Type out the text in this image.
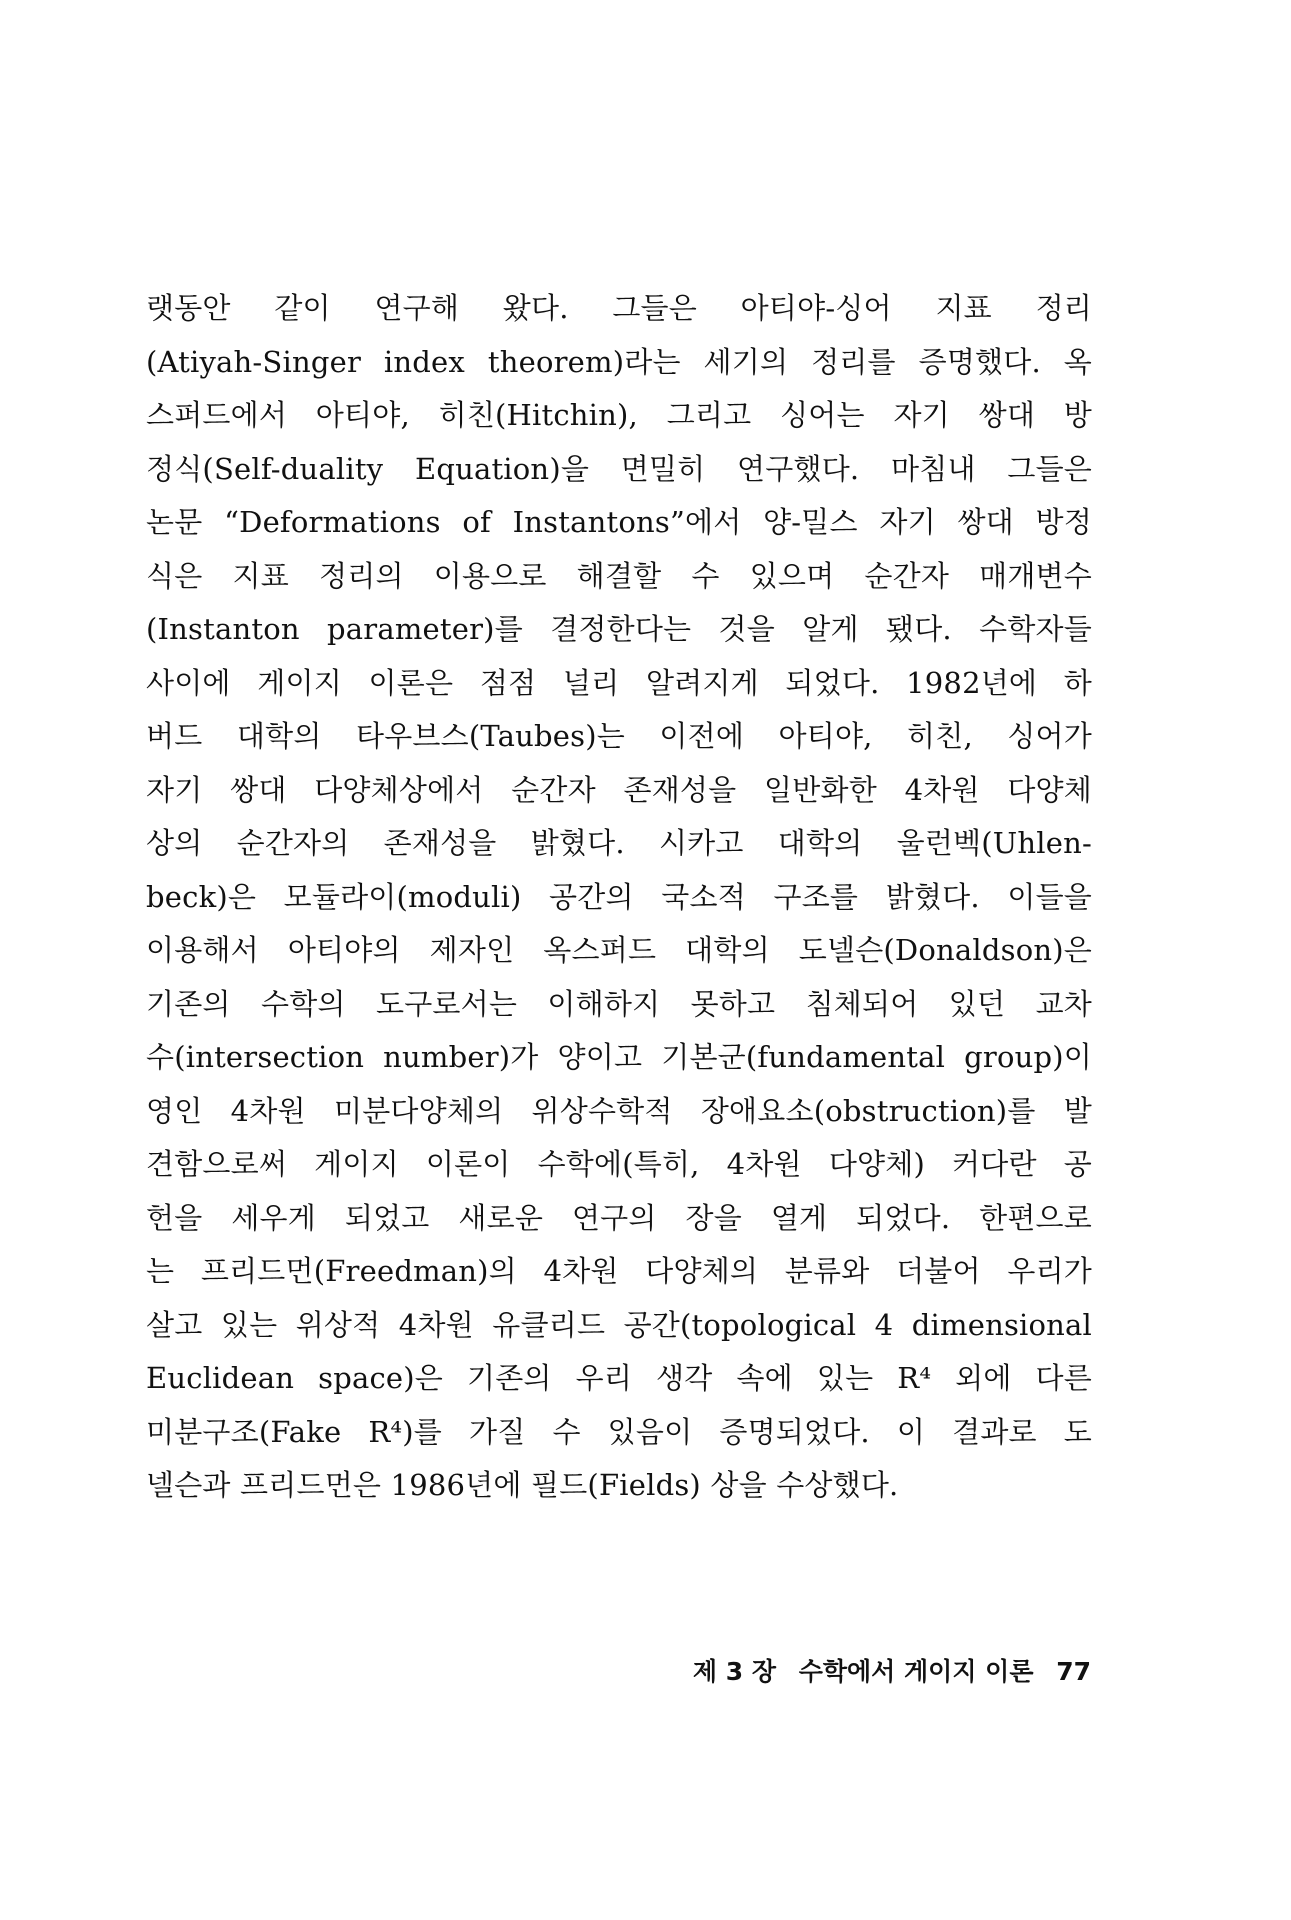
랫동안 같이 연구해 왔다. 그들은 아티야-싱어 지표 정리
(Atiyah-Singer index theorem)라는 세기의 정리를 증명했다. 옥
스퍼드에서 아티야, 히친(Hitchin), 그리고 싱어는 자기 쌍대 방
정식(Self-duality Equation)을 면밀히 연구했다. 마침내 그들은
논문 “Deformations of Instantons”에서 양-밀스 자기 쌍대 방정
식은 지표 정리의 이용으로 해결할 수 있으며 순간자 매개변수
(Instanton parameter)를 결정한다는 것을 알게 됐다. 수학자들
사이에 게이지 이론은 점점 널리 알려지게 되었다. 1982년에 하
버드 대학의 타우브스(Taubes)는 이전에 아티야, 히친, 싱어가
자기 쌍대 다양체상에서 순간자 존재성을 일반화한 4차원 다양체
상의 순간자의 존재성을 밝혔다. 시카고 대학의 울런벡(Uhlen-
beck)은 모듈라이(moduli) 공간의 국소적 구조를 밝혔다. 이들을
이용해서 아티야의 제자인 옥스퍼드 대학의 도넬슨(Donaldson)은
기존의 수학의 도구로서는 이해하지 못하고 침체되어 있던 교차
수(intersection number)가 양이고 기본군(fundamental group)이
영인 4차원 미분다양체의 위상수학적 장애요소(obstruction)를 발
견함으로써 게이지 이론이 수학에(특히, 4차원 다양체) 커다란 공
헌을 세우게 되었고 새로운 연구의 장을 열게 되었다. 한편으로
는 프리드먼(Freedman)의 4차원 다양체의 분류와 더불어 우리가
살고 있는 위상적 4차원 유클리드 공간(topological 4 dimensional
Euclidean space)은 기존의 우리 생각 속에 있는 R⁴ 외에 다른
미분구조(Fake R⁴)를 가질 수 있음이 증명되었다. 이 결과로 도
넬슨과 프리드먼은 1986년에 필드(Fields) 상을 수상했다.
제 3 장 수학에서 게이지 이론 77
